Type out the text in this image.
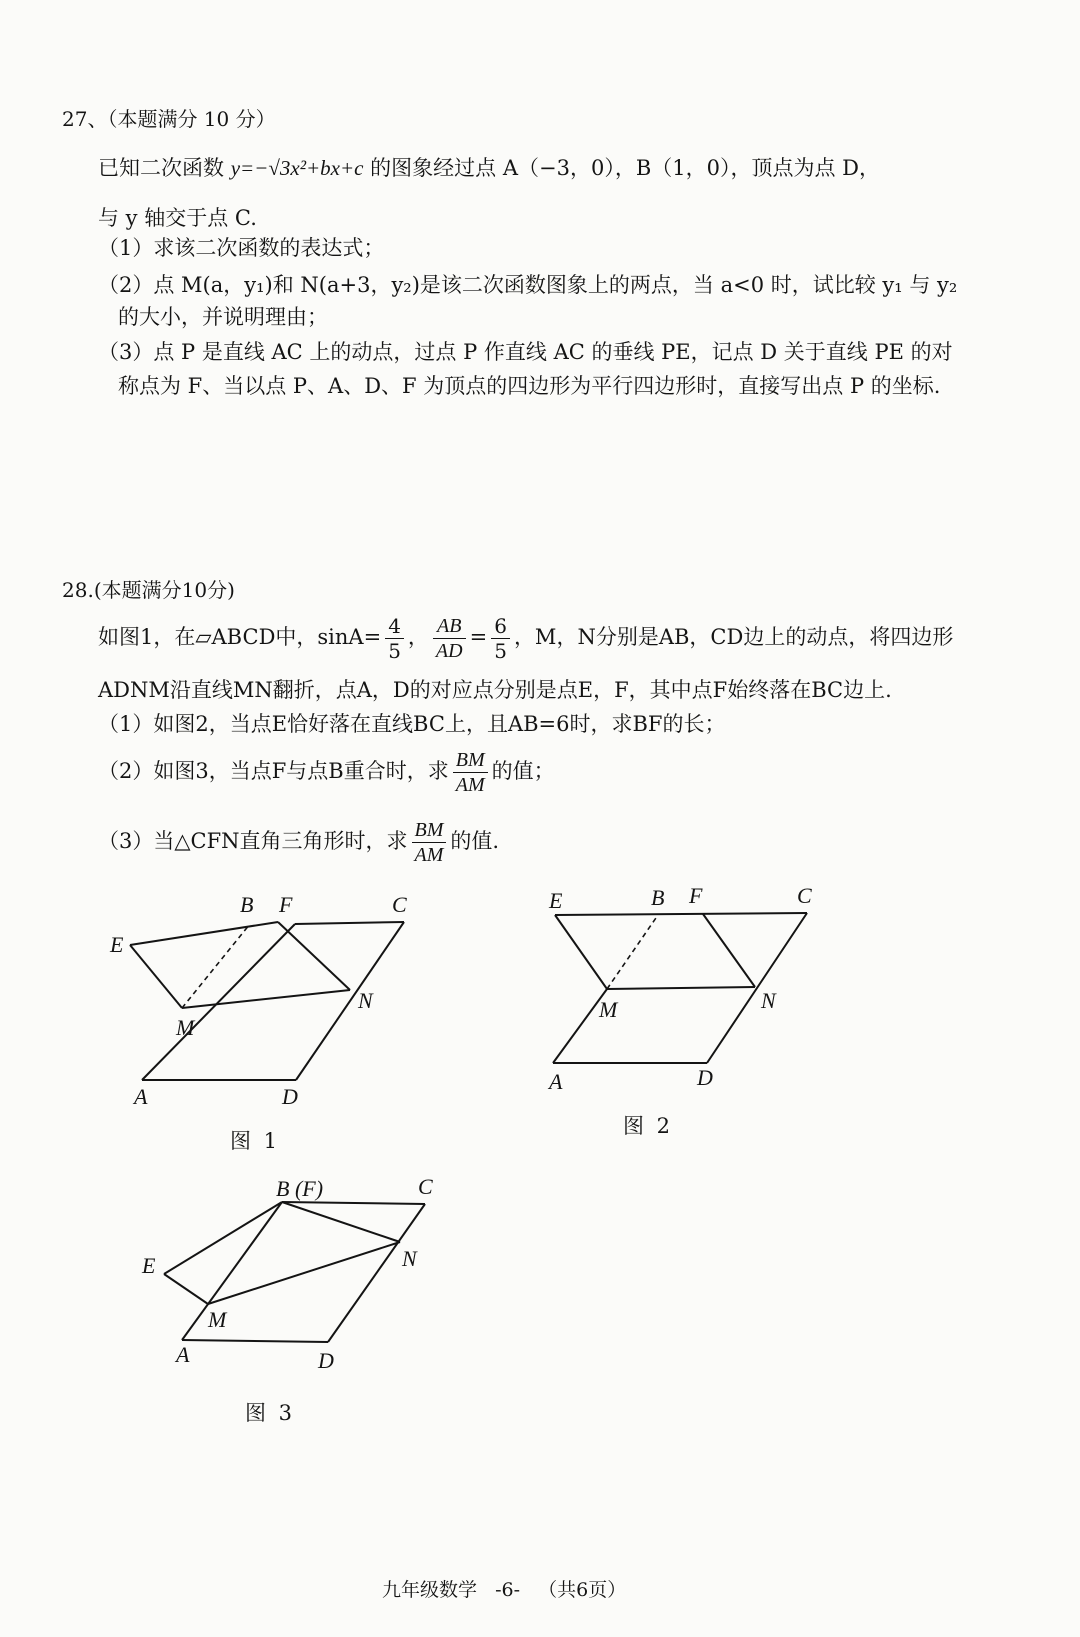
27、（本题满分 10 分）
已知二次函数 y=−√3x²+bx+c 的图象经过点 A（−3，0），B（1，0），顶点为点 D，
与 y 轴交于点 C.
（1）求该二次函数的表达式；
（2）点 M(a，y₁)和 N(a+3，y₂)是该二次函数图象上的两点，当 a<0 时，试比较 y₁ 与 y₂
的大小，并说明理由；
（3）点 P 是直线 AC 上的动点，过点 P 作直线 AC 的垂线 PE，记点 D 关于直线 PE 的对
称点为 F、当以点 P、A、D、F 为顶点的四边形为平行四边形时，直接写出点 P 的坐标.
28.(本题满分10分)
如图1，在▱ABCD中，$\sin A= \frac{4}{5}$ ， $\frac{AB}{AD} = \frac{6}{5}$ ，M，N分别是AB，CD边上的动点，将四边形
ADNM沿直线MN翻折，点A，D的对应点分别是点E，F，其中点F始终落在BC边上.
（1）如图2，当点E恰好落在直线BC上，且AB=6时，求BF的长；
（2）如图3，当点F与点B重合时，求 $\frac{BM}{AM}$ 的值；
（3）当△CFN直角三角形时，求 $\frac{BM}{AM}$ 的值.
B F	C
E
M
N
A	D
图 1
E	B F	C
M	N
A	D
图 2
B (F)	C
E	N
M
A	D
图 3
九年级数学   -6-   （共6页）
